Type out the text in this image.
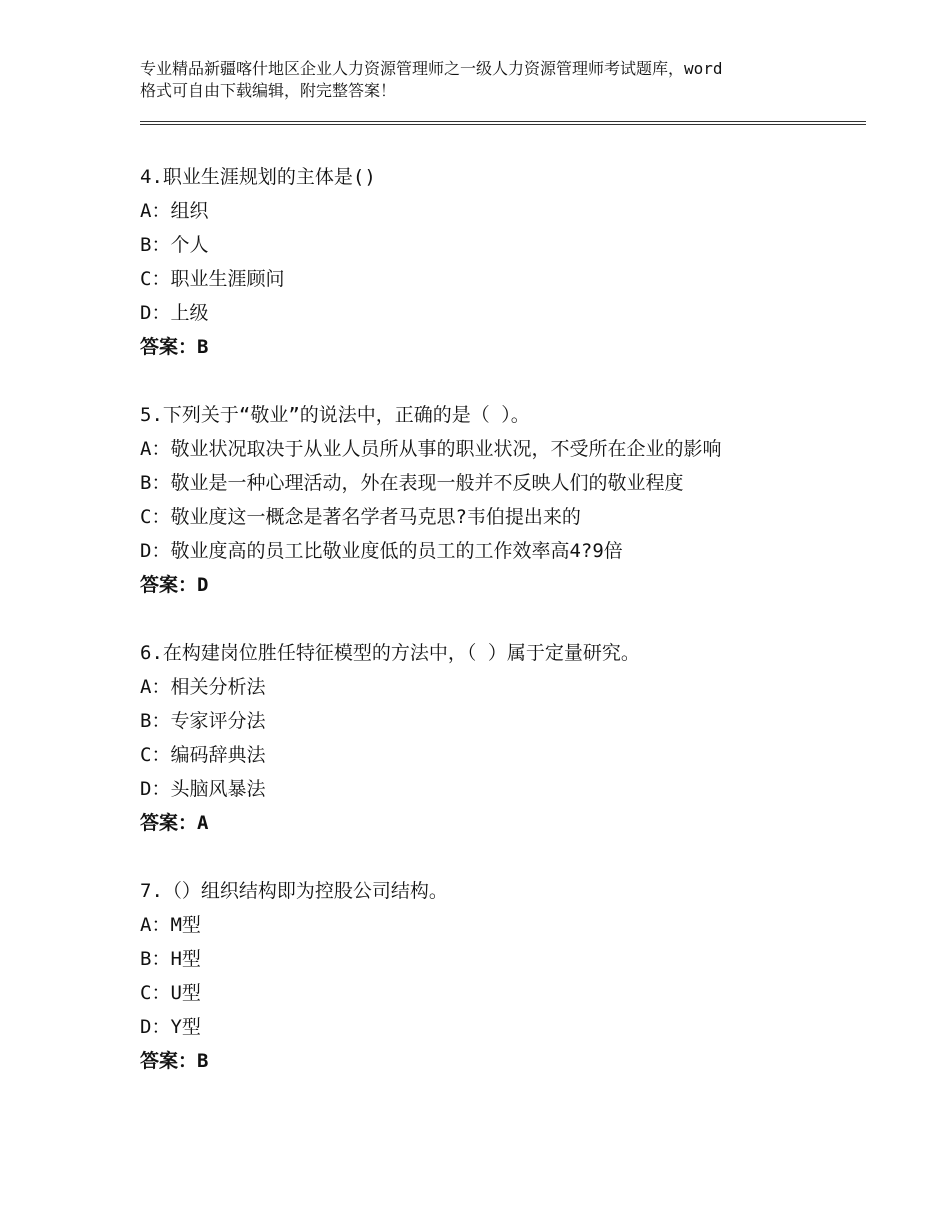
专业精品新疆喀什地区企业人力资源管理师之一级人力资源管理师考试题库，word
格式可自由下载编辑，附完整答案！
4.职业生涯规划的主体是()
A：组织
B：个人
C：职业生涯顾问
D：上级
答案：B
5.下列关于“敬业”的说法中，正确的是（ ）。
A：敬业状况取决于从业人员所从事的职业状况，不受所在企业的影响
B：敬业是一种心理活动，外在表现一般并不反映人们的敬业程度
C：敬业度这一概念是著名学者马克思?韦伯提出来的
D：敬业度高的员工比敬业度低的员工的工作效率高4?9倍
答案：D
6.在构建岗位胜任特征模型的方法中，（ ）属于定量研究。
A：相关分析法
B：专家评分法
C：编码辞典法
D：头脑风暴法
答案：A
7.（）组织结构即为控股公司结构。
A：M型
B：H型
C：U型
D：Y型
答案：B
